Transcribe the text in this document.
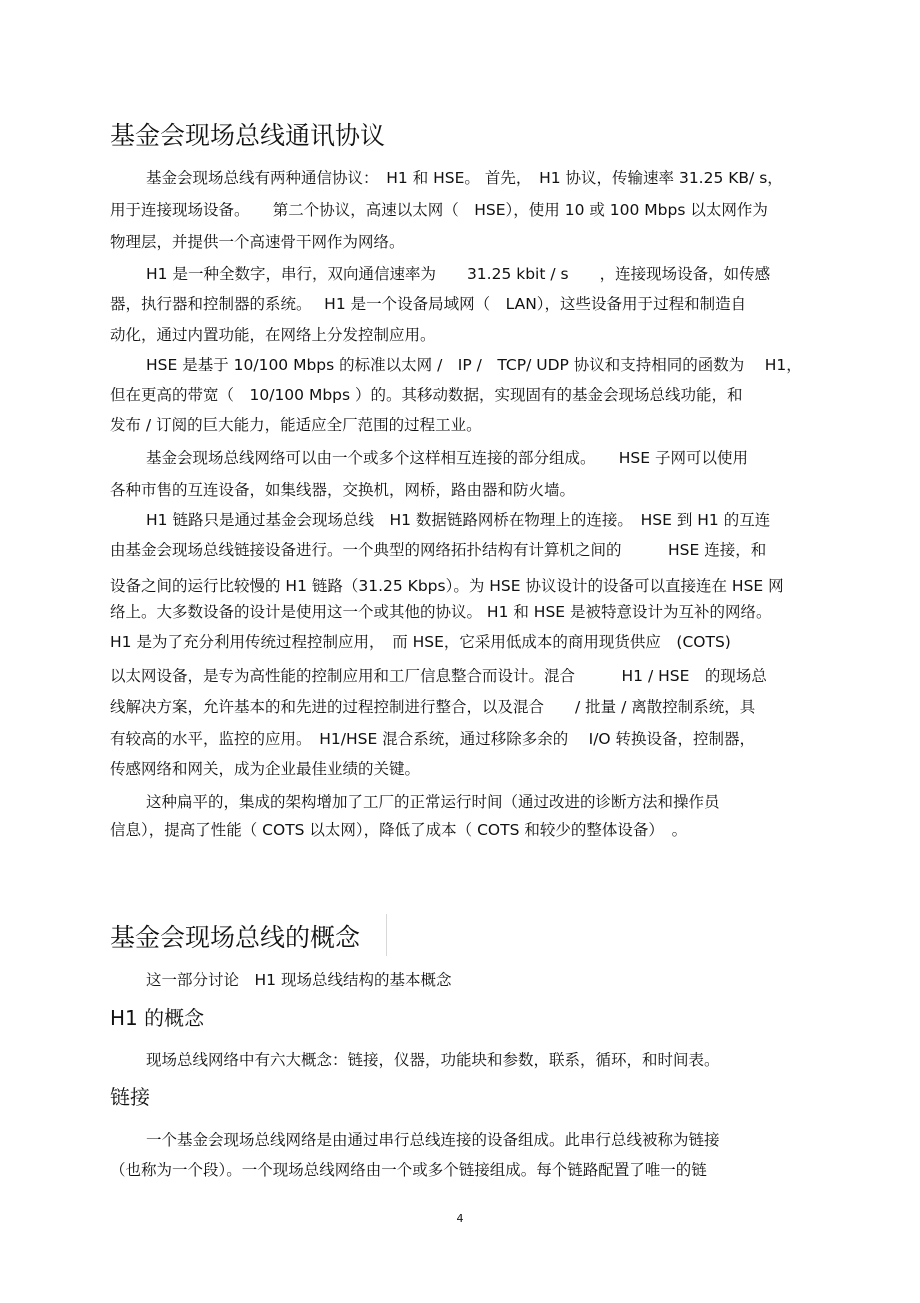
基金会现场总线通讯协议
基金会现场总线有两种通信协议：　H1 和 HSE。 首先，　H1 协议，传输速率 31.25 KB/ s，
用于连接现场设备。　　第二个协议，高速以太网（　HSE），使用 10 或 100 Mbps 以太网作为
物理层，并提供一个高速骨干网作为网络。
H1 是一种全数字，串行，双向通信速率为　　31.25 kbit / s　　，连接现场设备，如传感
器，执行器和控制器的系统。　 H1 是一个设备局域网（　LAN），这些设备用于过程和制造自
动化，通过内置功能，在网络上分发控制应用。
HSE 是基于 10/100 Mbps 的标准以太网 /　IP /　TCP/ UDP 协议和支持相同的函数为　 H1，
但在更高的带宽（　10/100 Mbps ）的。其移动数据，实现固有的基金会现场总线功能，和
发布 / 订阅的巨大能力，能适应全厂范围的过程工业。
基金会现场总线网络可以由一个或多个这样相互连接的部分组成。　　HSE 子网可以使用
各种市售的互连设备，如集线器，交换机，网桥，路由器和防火墙。
H1 链路只是通过基金会现场总线　H1 数据链路网桥在物理上的连接。　HSE 到 H1 的互连
由基金会现场总线链接设备进行。一个典型的网络拓扑结构有计算机之间的　　　HSE 连接，和
设备之间的运行比较慢的 H1 链路（31.25 Kbps）。为 HSE 协议设计的设备可以直接连在 HSE 网
络上。大多数设备的设计是使用这一个或其他的协议。 H1 和 HSE 是被特意设计为互补的网络。
H1 是为了充分利用传统过程控制应用，　而 HSE，它采用低成本的商用现货供应　(COTS)
以太网设备，是专为高性能的控制应用和工厂信息整合而设计。混合　　　H1 / HSE　的现场总
线解决方案，允许基本的和先进的过程控制进行整合，以及混合　　/ 批量 / 离散控制系统，具
有较高的水平，监控的应用。　H1/HSE 混合系统，通过移除多余的　 I/O 转换设备，控制器，
传感网络和网关，成为企业最佳业绩的关键。
这种扁平的，集成的架构增加了工厂的正常运行时间（通过改进的诊断方法和操作员
信息），提高了性能（ COTS 以太网），降低了成本（ COTS 和较少的整体设备）　。
基金会现场总线的概念
这一部分讨论　H1 现场总线结构的基本概念
H1 的概念
现场总线网络中有六大概念：链接，仪器，功能块和参数，联系，循环，和时间表。
链接
一个基金会现场总线网络是由通过串行总线连接的设备组成。此串行总线被称为链接
（也称为一个段）。一个现场总线网络由一个或多个链接组成。每个链路配置了唯一的链
4
